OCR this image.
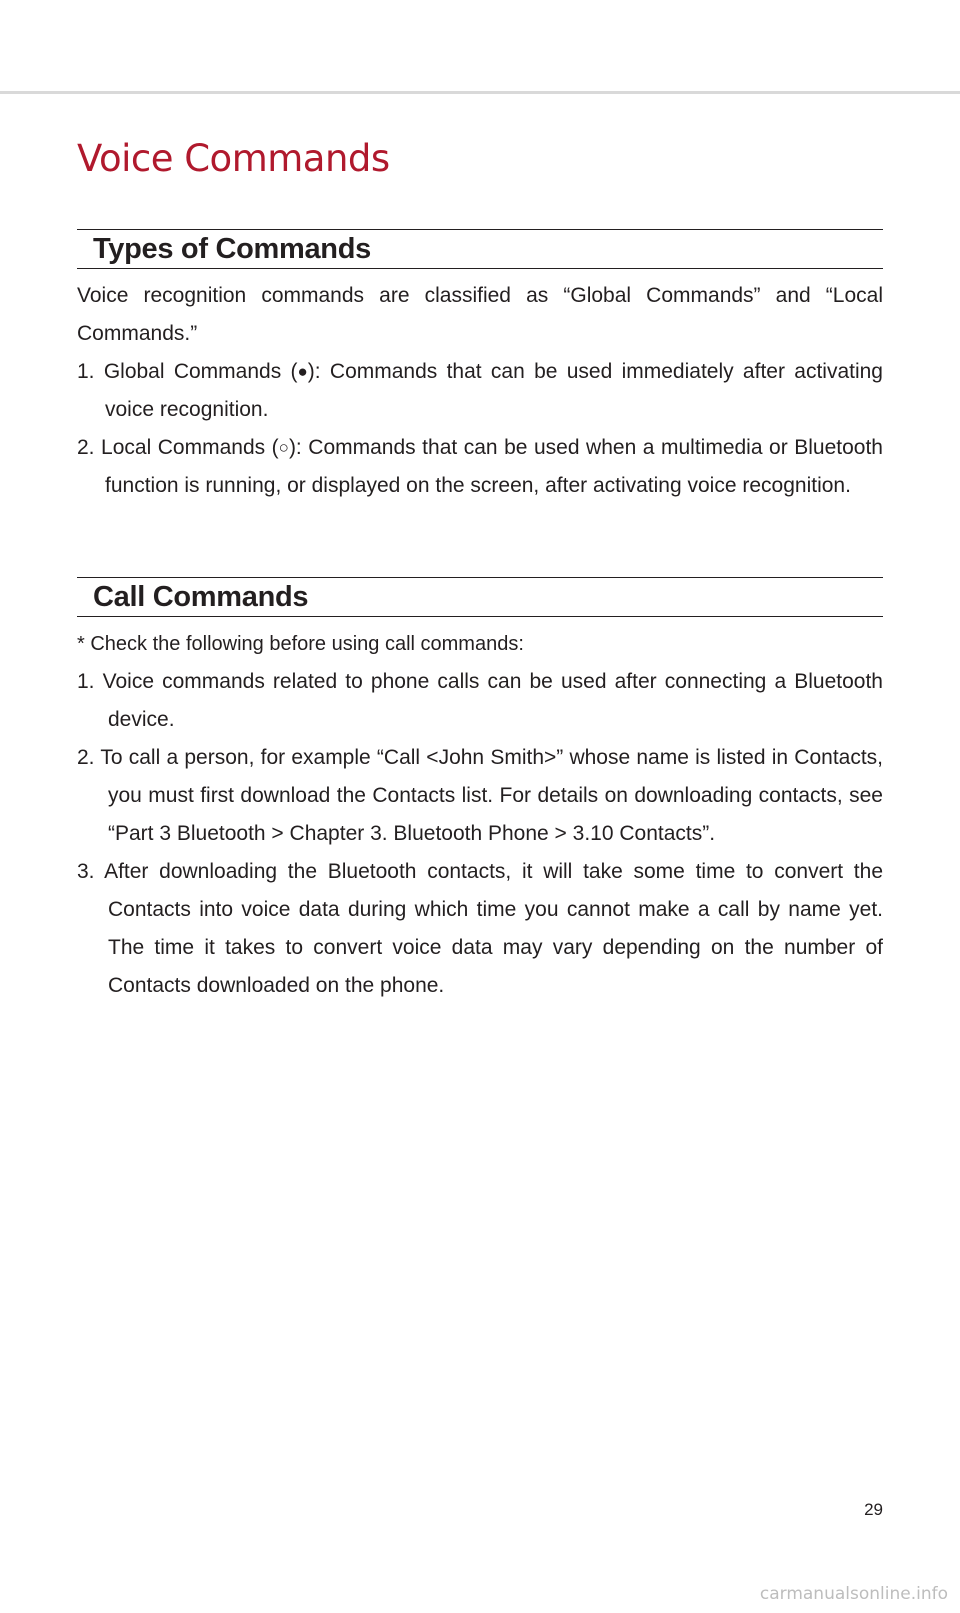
Voice Commands
Types of Commands

Voice recognition commands are classified as “Global Commands” and “Local Commands.”

1. Global Commands (●): Commands that can be used immediately after activating voice recognition.

2. Local Commands (○): Commands that can be used when a multimedia or Bluetooth function is running, or displayed on the screen, after activating voice recognition.

Call Commands

* Check the following before using call commands:

1. Voice commands related to phone calls can be used after connecting a Bluetooth device.

2. To call a person, for example “Call <John Smith>” whose name is listed in Contacts, you must first download the Contacts list. For details on downloading contacts, see “Part 3 Bluetooth > Chapter 3. Bluetooth Phone > 3.10 Contacts”.

3. After downloading the Bluetooth contacts, it will take some time to convert the Contacts into voice data during which time you cannot make a call by name yet. The time it takes to convert voice data may vary depending on the number of Contacts downloaded on the phone.

29
carmanualsonline.info
